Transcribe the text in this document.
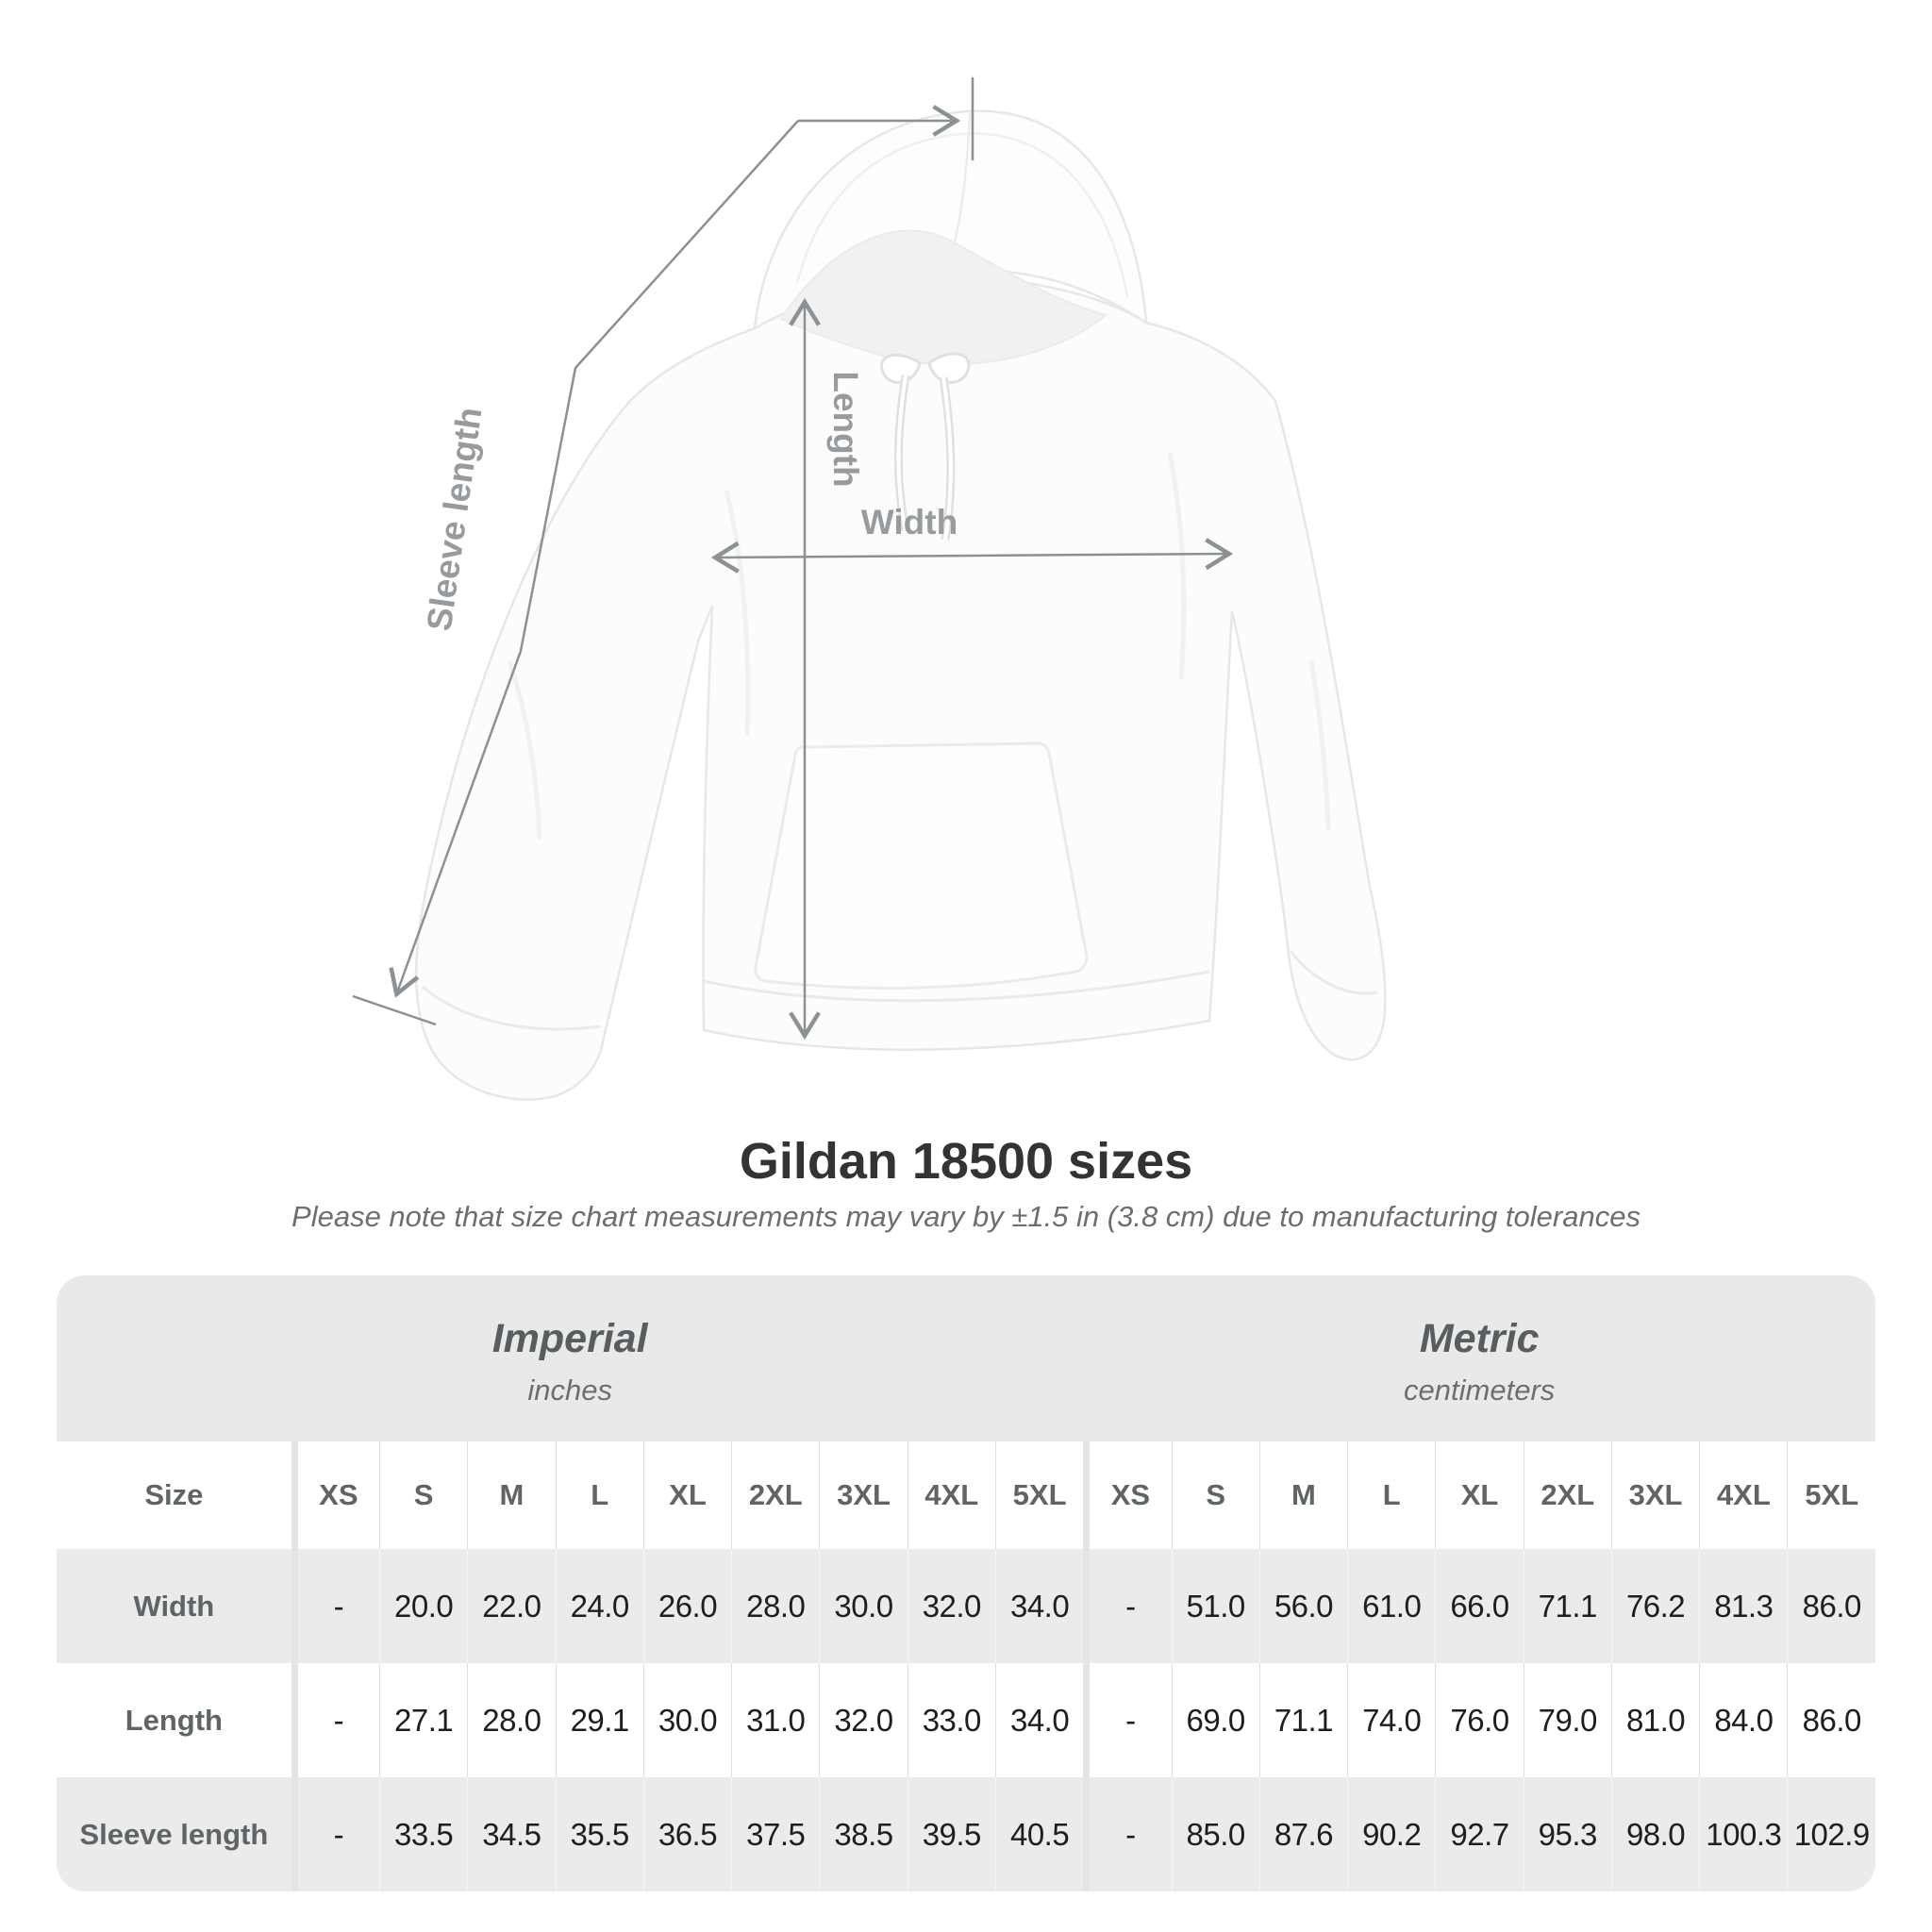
Width
Length
Sleeve length
Gildan 18500 sizes
Please note that size chart measurements may vary by ±1.5 in (3.8 cm) due to manufacturing tolerances
Imperial
inches
Metric
centimeters
Size	XS	S	M	L	XL	2XL	3XL	4XL	5XL	XS	S	M	L	XL	2XL	3XL	4XL	5XL
Width	-	20.0	22.0	24.0	26.0	28.0	30.0	32.0	34.0	-	51.0	56.0	61.0	66.0	71.1	76.2	81.3	86.0
Length	-	27.1	28.0	29.1	30.0	31.0	32.0	33.0	34.0	-	69.0	71.1	74.0	76.0	79.0	81.0	84.0	86.0
Sleeve length	-	33.5	34.5	35.5	36.5	37.5	38.5	39.5	40.5	-	85.0	87.6	90.2	92.7	95.3	98.0	100.3	102.9
